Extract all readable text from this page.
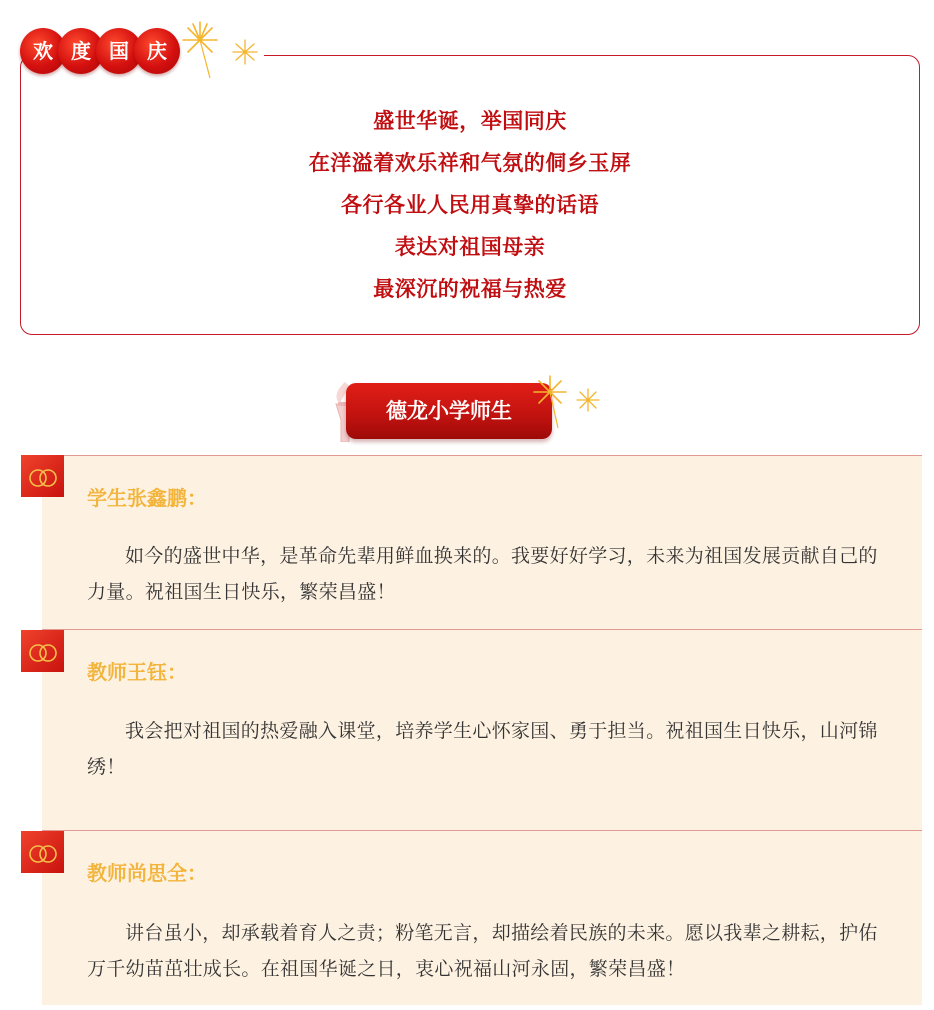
欢 度 国 庆
盛世华诞，举国同庆
在洋溢着欢乐祥和气氛的侗乡玉屏
各行各业人民用真挚的话语
表达对祖国母亲
最深沉的祝福与热爱
德龙小学师生
学生张鑫鹏：
如今的盛世中华，是革命先辈用鲜血换来的。我要好好学习，未来为祖国发展贡献自己的力量。祝祖国生日快乐，繁荣昌盛！
教师王钰：
我会把对祖国的热爱融入课堂，培养学生心怀家国、勇于担当。祝祖国生日快乐，山河锦绣！
教师尚思全：
讲台虽小，却承载着育人之责；粉笔无言，却描绘着民族的未来。愿以我辈之耕耘，护佑万千幼苗茁壮成长。在祖国华诞之日，衷心祝福山河永固，繁荣昌盛！
